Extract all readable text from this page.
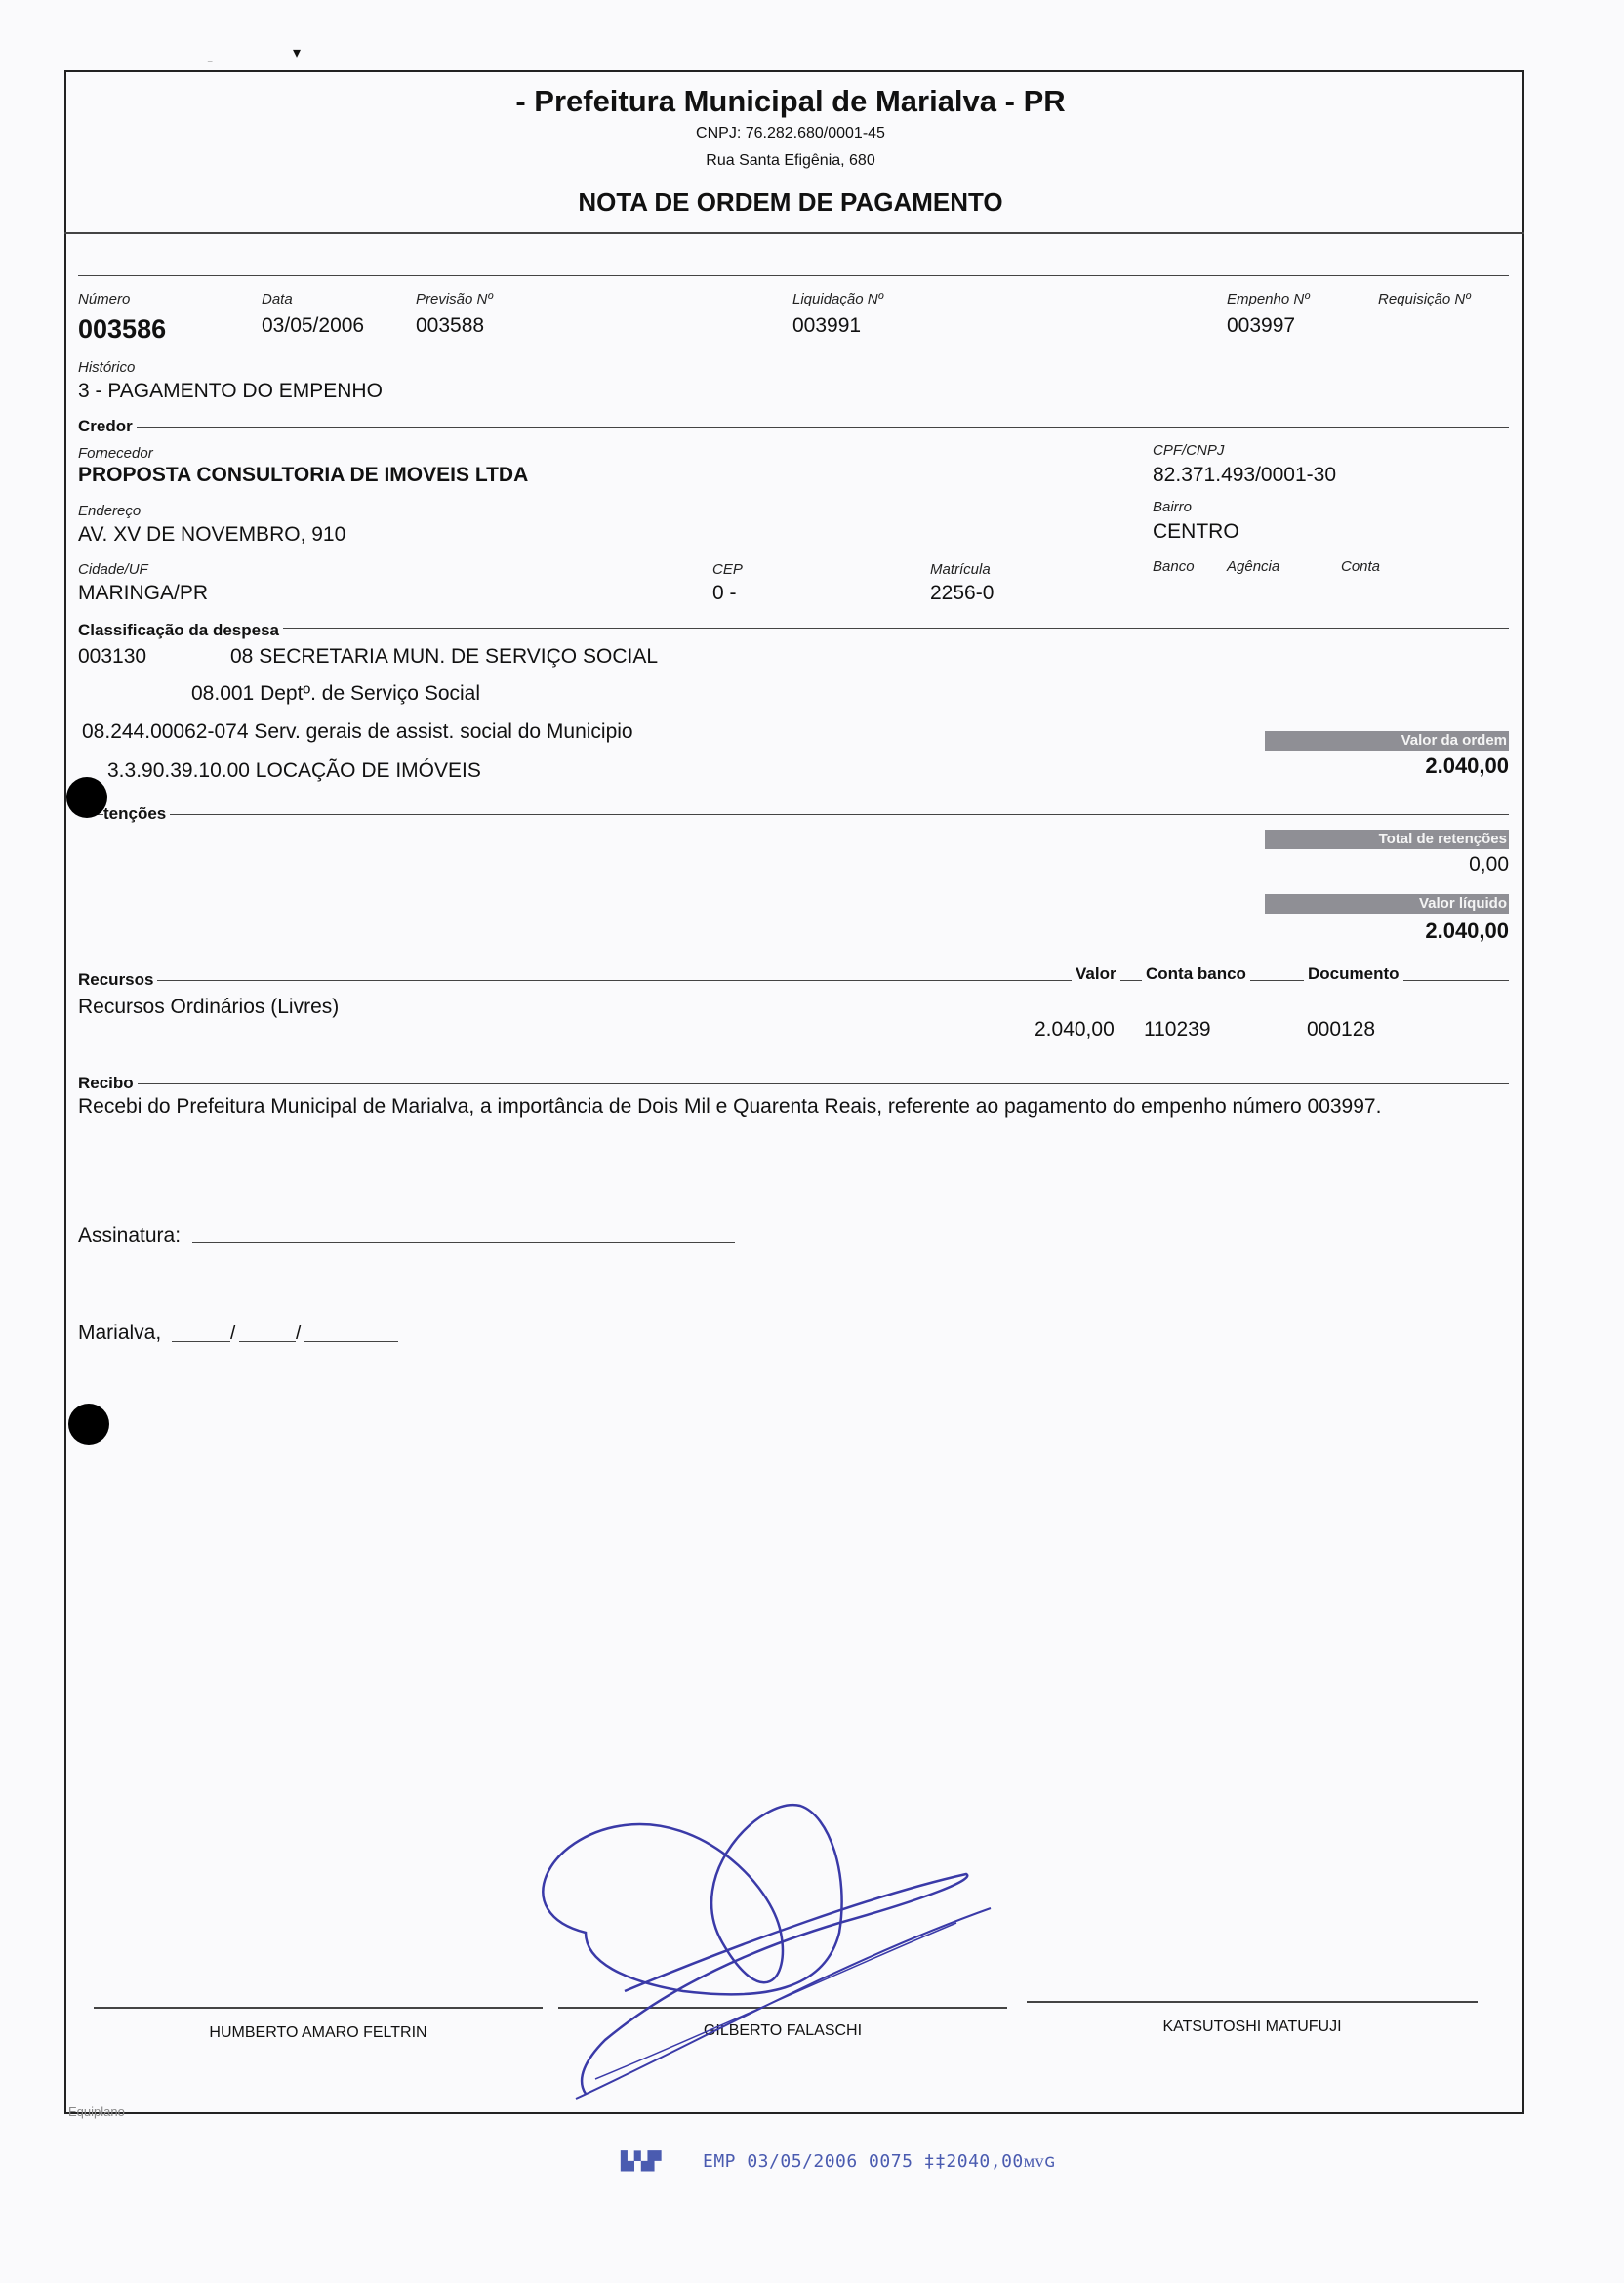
▾
⁻
- Prefeitura Municipal de Marialva - PR
CNPJ: 76.282.680/0001-45
Rua Santa Efigênia, 680
NOTA DE ORDEM DE PAGAMENTO
Número
003586
Data
03/05/2006
Previsão Nº
003588
Liquidação Nº
003991
Empenho Nº
003997
Requisição Nº
Histórico
3 - PAGAMENTO DO EMPENHO
Credor
Fornecedor
PROPOSTA CONSULTORIA DE IMOVEIS LTDA
CPF/CNPJ
82.371.493/0001-30
Endereço
AV. XV DE NOVEMBRO, 910
Bairro
CENTRO
Cidade/UF
MARINGA/PR
CEP
0 -
Matrícula
2256-0
Banco Agência	Conta
Classificação da despesa
003130	08 SECRETARIA MUN. DE SERVIÇO SOCIAL
08.001 Deptº. de Serviço Social
08.244.00062-074 Serv. gerais de assist. social do Municipio
3.3.90.39.10.00 LOCAÇÃO DE IMÓVEIS
Valor da ordem
2.040,00
tenções
Total de retenções
0,00
Valor líquido
2.040,00
Recursos	Valor Conta banco	Documento
Recursos Ordinários (Livres)
2.040,00 110239	000128
Recibo
Recebi do Prefeitura Municipal de Marialva, a importância de Dois Mil e Quarenta Reais, referente ao pagamento do empenho número 003997.
Assinatura:
Marialva,	/	/
HUMBERTO AMARO FELTRIN	GILBERTO FALASCHI	KATSUTOSHI MATUFUJI
Equiplano
▙▚▛ EMP 03/05/2006 0075 ‡‡2040,00ᴍᴠɢ
